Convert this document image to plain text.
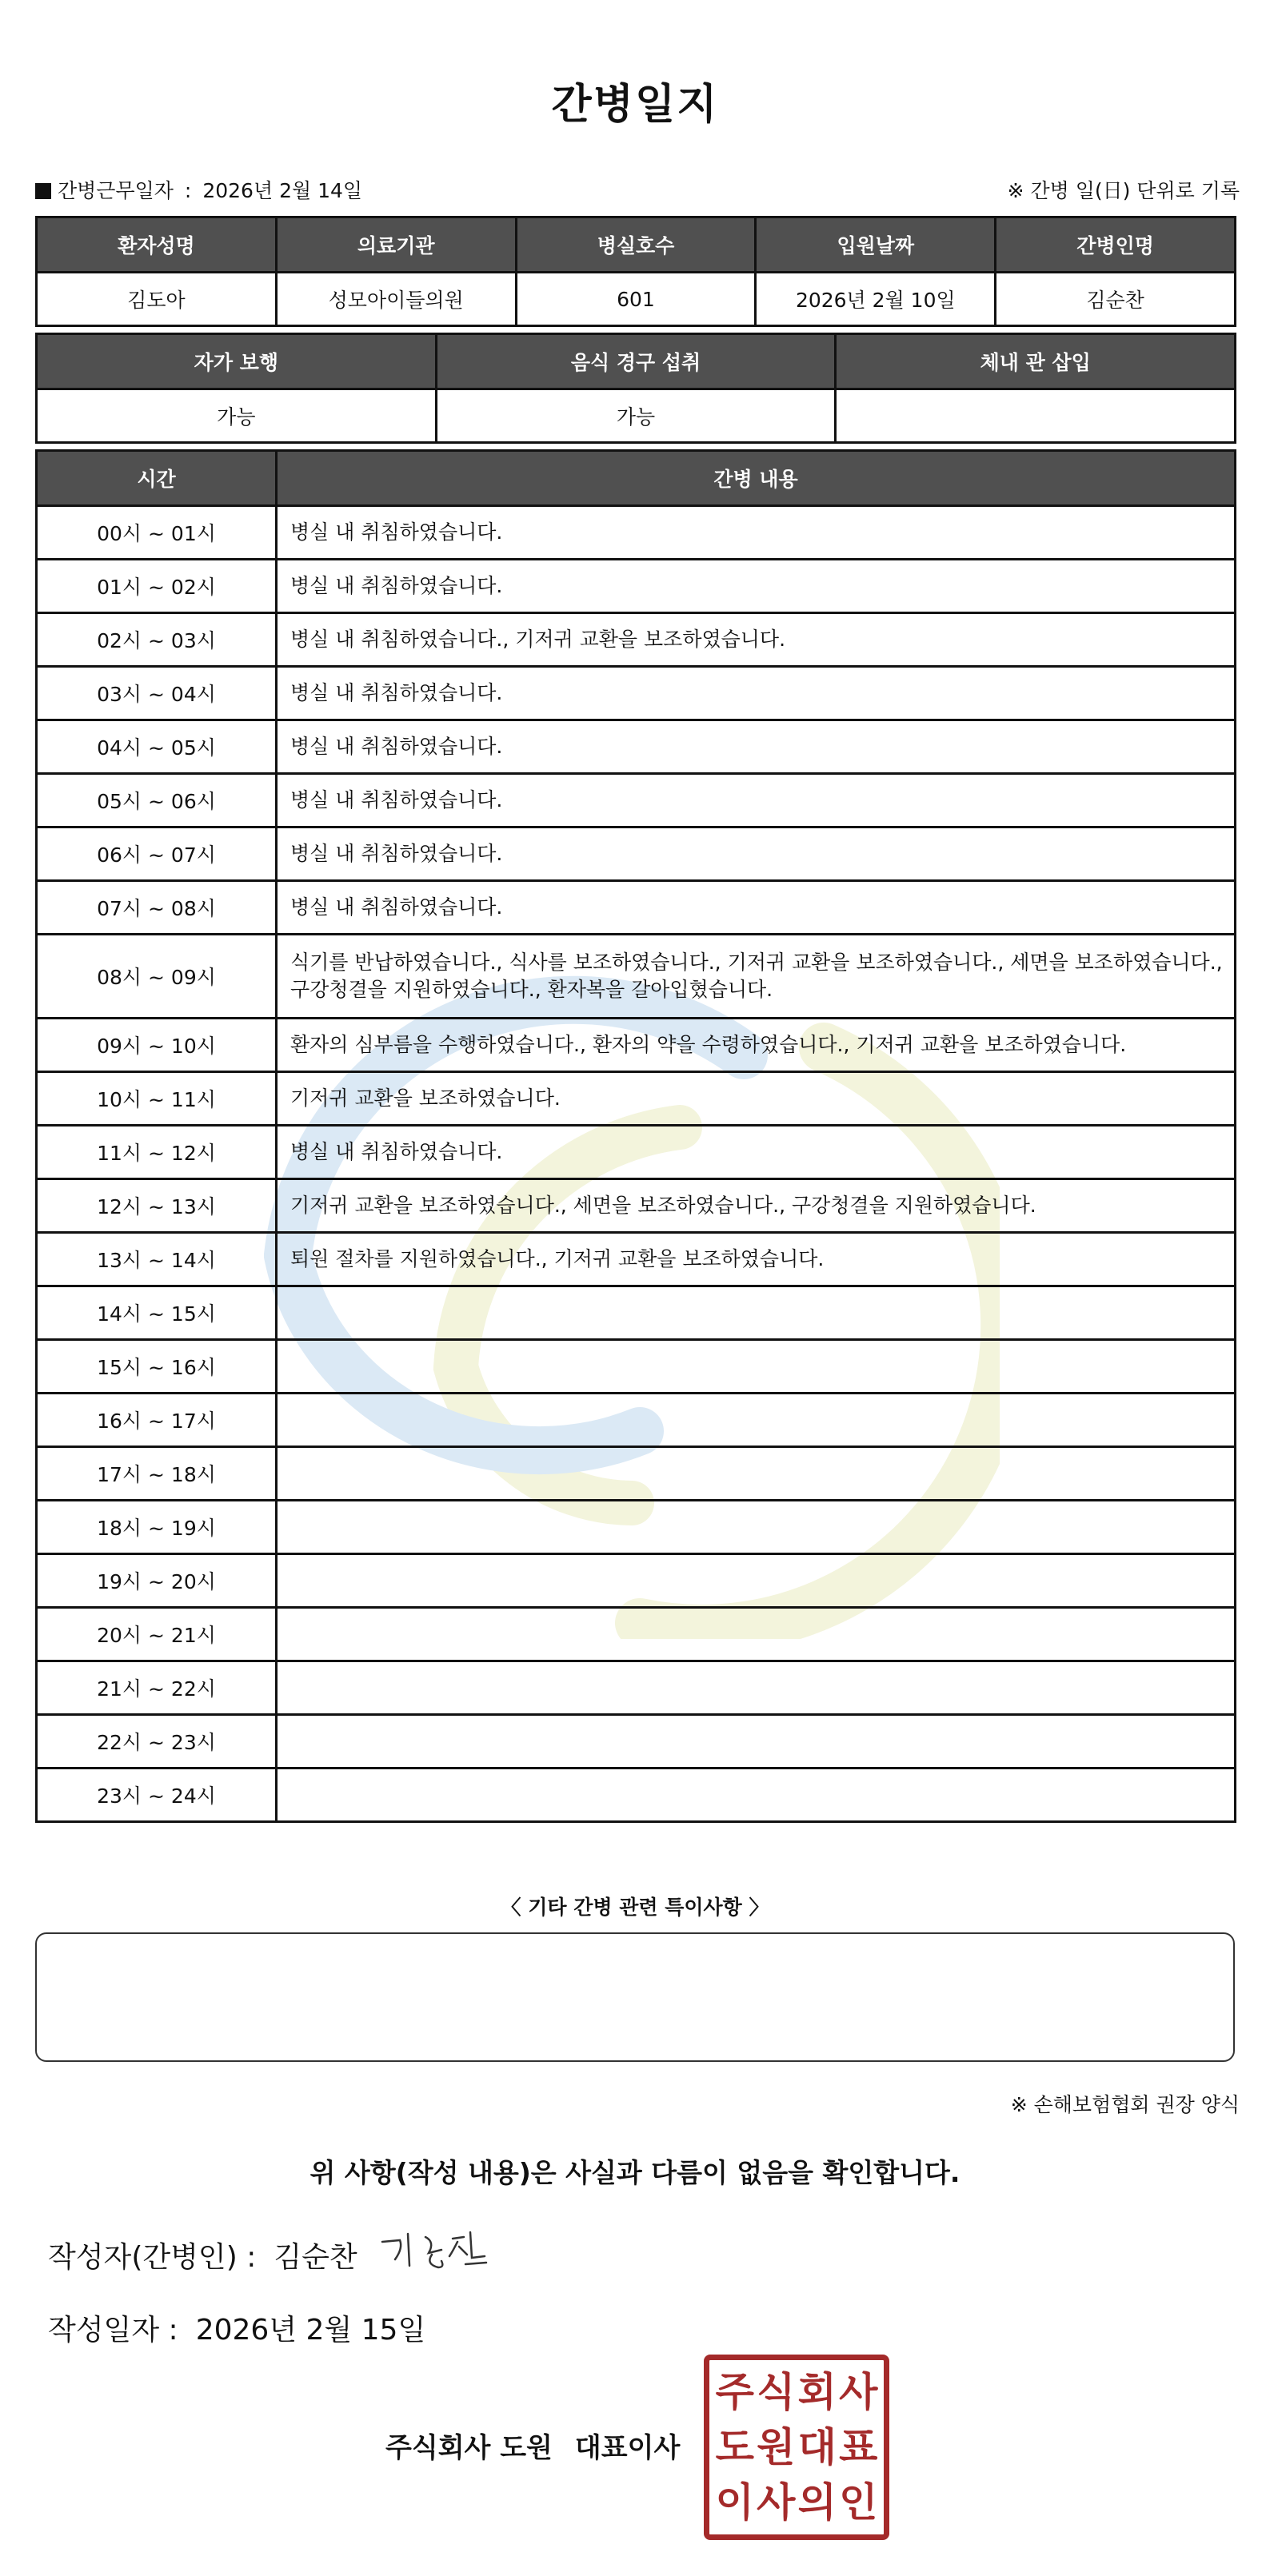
간병일지
간병근무일자 : 2026년 2월 14일	※ 간병 일(日) 단위로 기록
환자성명	의료기관	병실호수	입원날짜	간병인명
김도아	성모아이들의원	601	2026년 2월 10일	김순찬
자가 보행	음식 경구 섭취	체내 관 삽입
가능	가능	
시간	간병 내용
00시 ~ 01시	병실 내 취침하였습니다.
01시 ~ 02시	병실 내 취침하였습니다.
02시 ~ 03시	병실 내 취침하였습니다., 기저귀 교환을 보조하였습니다.
03시 ~ 04시	병실 내 취침하였습니다.
04시 ~ 05시	병실 내 취침하였습니다.
05시 ~ 06시	병실 내 취침하였습니다.
06시 ~ 07시	병실 내 취침하였습니다.
07시 ~ 08시	병실 내 취침하였습니다.
08시 ~ 09시	식기를 반납하였습니다., 식사를 보조하였습니다., 기저귀 교환을 보조하였습니다., 세면을 보조하였습니다., 구강청결을 지원하였습니다., 환자복을 갈아입혔습니다.
09시 ~ 10시	환자의 심부름을 수행하였습니다., 환자의 약을 수령하였습니다., 기저귀 교환을 보조하였습니다.
10시 ~ 11시	기저귀 교환을 보조하였습니다.
11시 ~ 12시	병실 내 취침하였습니다.
12시 ~ 13시	기저귀 교환을 보조하였습니다., 세면을 보조하였습니다., 구강청결을 지원하였습니다.
13시 ~ 14시	퇴원 절차를 지원하였습니다., 기저귀 교환을 보조하였습니다.
14시 ~ 15시	
15시 ~ 16시	
16시 ~ 17시	
17시 ~ 18시	
18시 ~ 19시	
19시 ~ 20시	
20시 ~ 21시	
21시 ~ 22시	
22시 ~ 23시	
23시 ~ 24시	
〈 기타 간병 관련 특이사항 〉
※ 손해보험협회 권장 양식
위 사항(작성 내용)은 사실과 다름이 없음을 확인합니다.
작성자(간병인) : 김순찬
작성일자 : 2026년 2월 15일
주식회사 도원 대표이사
주 식 회 사
도 원 대 표
이 사 의 인
